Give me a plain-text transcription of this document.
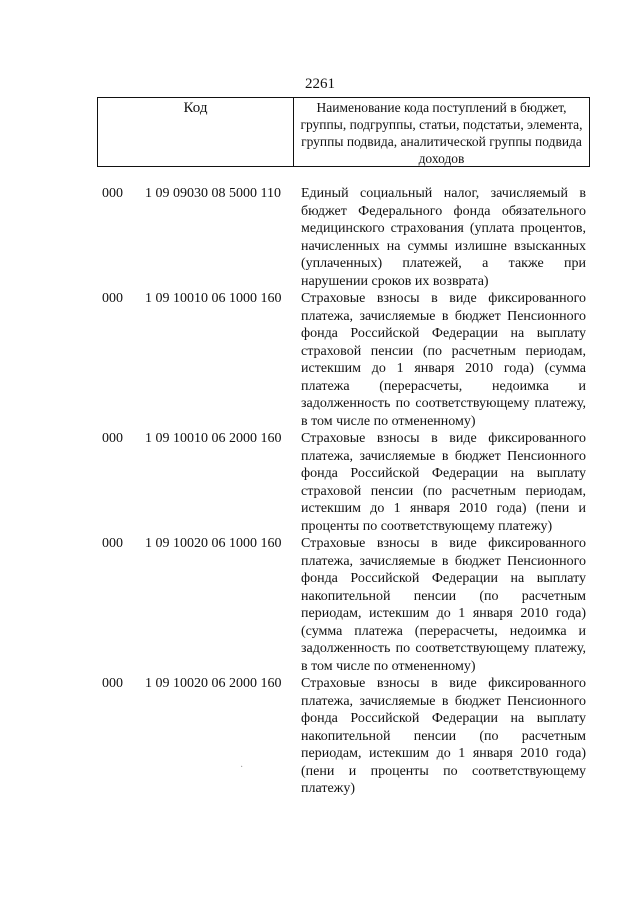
2261
Код	Наименование кода поступлений в бюджет, группы, подгруппы, статьи, подстатьи, элемента, группы подвида, аналитической группы подвида доходов
000 1 09 09030 08 5000 110 Единый социальный налог, зачисляемый в бюджет Федерального фонда обязательного медицинского страхования (уплата процентов, начисленных на суммы излишне взысканных (уплаченных) платежей, а также при нарушении сроков их возврата)
000 1 09 10010 06 1000 160 Страховые взносы в виде фиксированного платежа, зачисляемые в бюджет Пенсионного фонда Российской Федерации на выплату страховой пенсии (по расчетным периодам, истекшим до 1 января 2010 года) (сумма платежа (перерасчеты, недоимка и задолженность по соответствующему платежу, в том числе по отмененному)
000 1 09 10010 06 2000 160 Страховые взносы в виде фиксированного платежа, зачисляемые в бюджет Пенсионного фонда Российской Федерации на выплату страховой пенсии (по расчетным периодам, истекшим до 1 января 2010 года) (пени и проценты по соответствующему платежу)
000 1 09 10020 06 1000 160 Страховые взносы в виде фиксированного платежа, зачисляемые в бюджет Пенсионного фонда Российской Федерации на выплату накопительной пенсии (по расчетным периодам, истекшим до 1 января 2010 года) (сумма платежа (перерасчеты, недоимка и задолженность по соответствующему платежу, в том числе по отмененному)
000 1 09 10020 06 2000 160 Страховые взносы в виде фиксированного платежа, зачисляемые в бюджет Пенсионного фонда Российской Федерации на выплату накопительной пенсии (по расчетным периодам, истекшим до 1 января 2010 года) (пени и проценты по соответствующему платежу)
·
